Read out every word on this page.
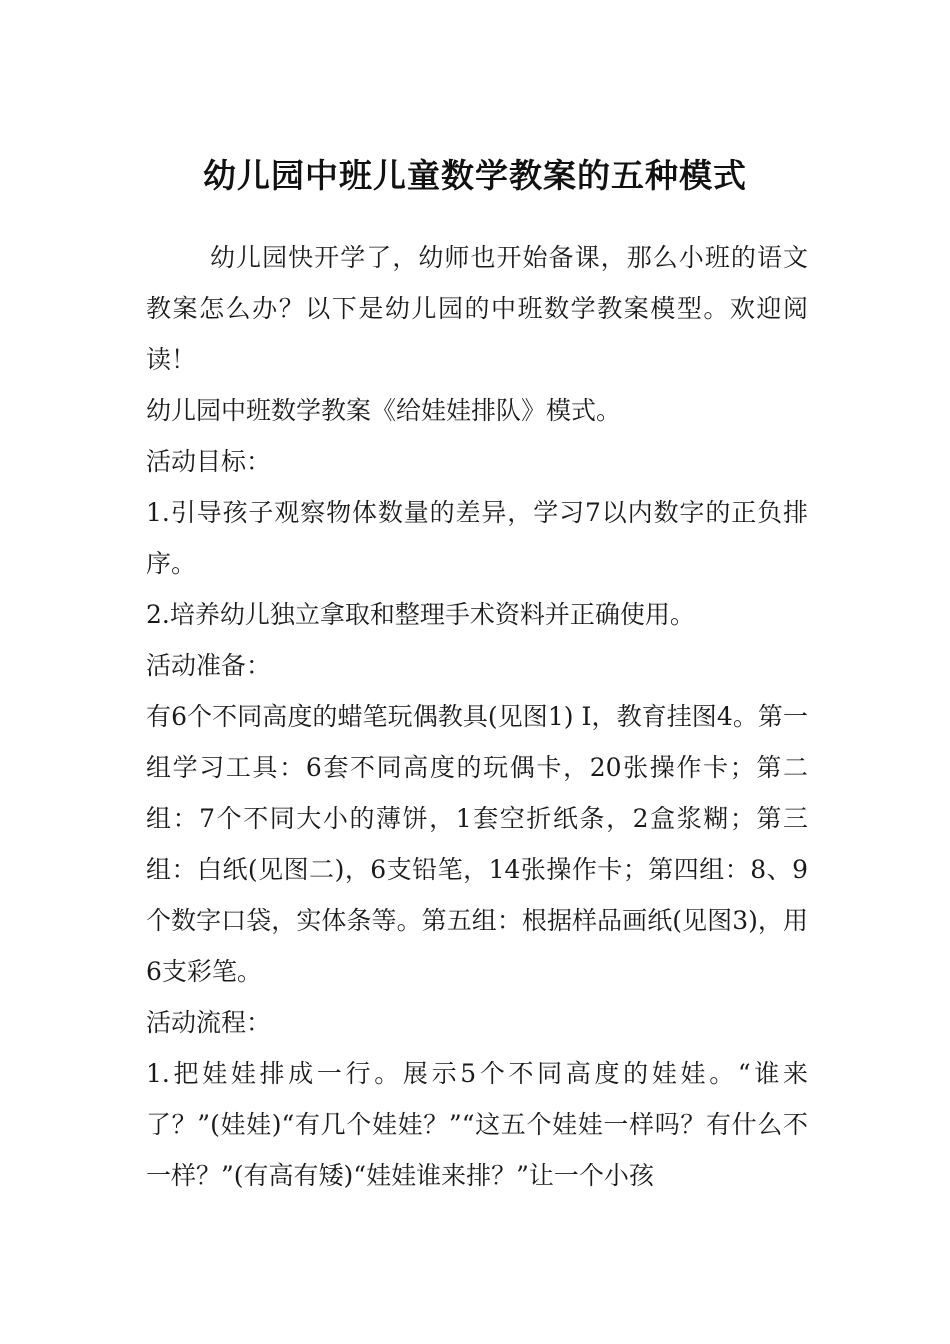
幼儿园中班儿童数学教案的五种模式

幼儿园快开学了，幼师也开始备课，那么小班的语文教案怎么办？以下是幼儿园的中班数学教案模型。欢迎阅读！

幼儿园中班数学教案《给娃娃排队》模式。

活动目标：

1.引导孩子观察物体数量的差异，学习7以内数字的正负排序。

2.培养幼儿独立拿取和整理手术资料并正确使用。

活动准备：

有6个不同高度的蜡笔玩偶教具(见图1) I，教育挂图4。第一组学习工具：6套不同高度的玩偶卡，20张操作卡；第二组：7个不同大小的薄饼，1套空折纸条，2盒浆糊；第三组：白纸(见图二)，6支铅笔，14张操作卡；第四组：8、9个数字口袋，实体条等。第五组：根据样品画纸(见图3)，用6支彩笔。

活动流程：

1.把娃娃排成一行。展示5个不同高度的娃娃。“谁来了？”(娃娃)“有几个娃娃？”“这五个娃娃一样吗？有什么不一样？”(有高有矮)“娃娃谁来排？”让一个小孩
